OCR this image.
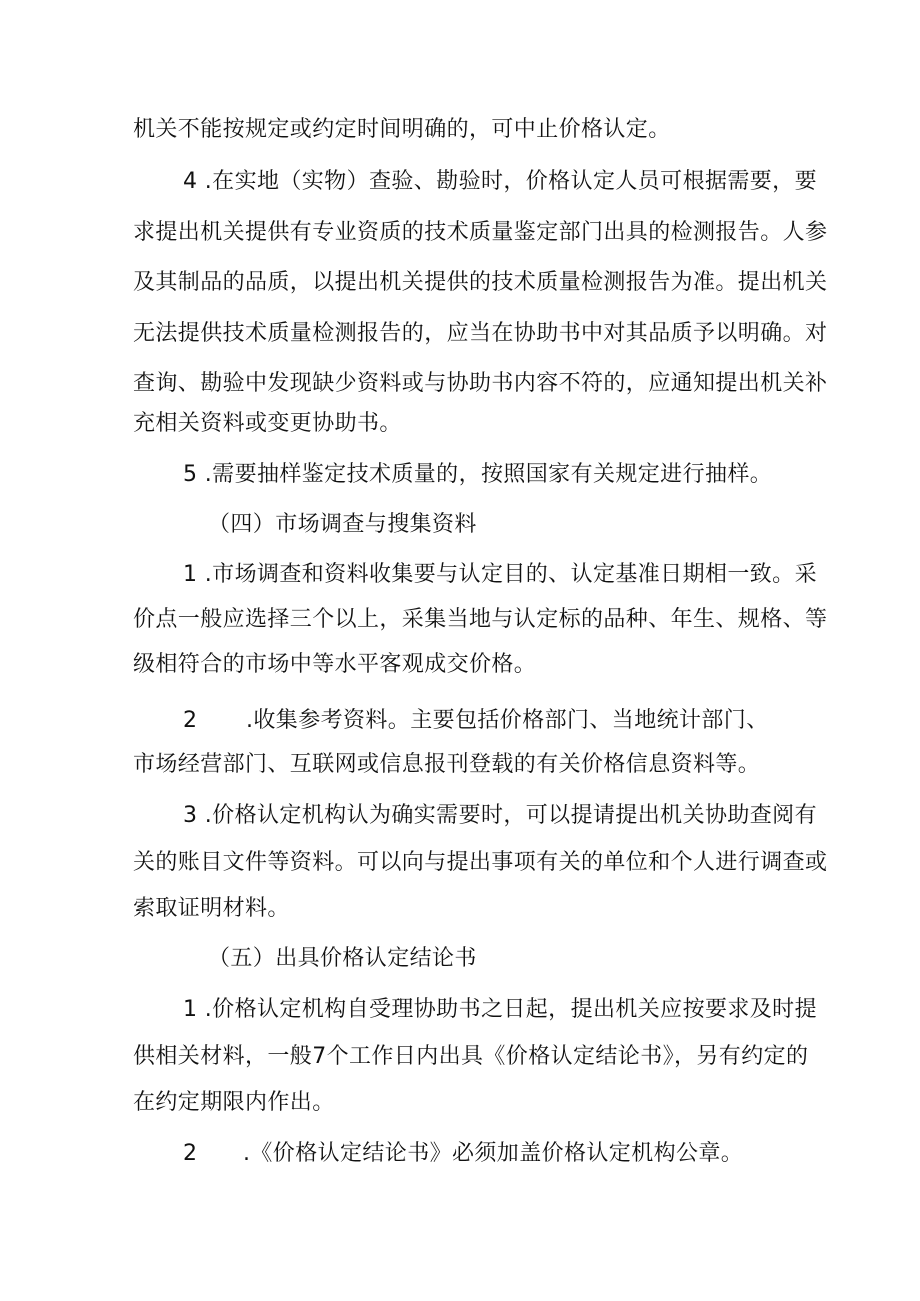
机关不能按规定或约定时间明确的，可中止价格认定。
4 .在实地（实物）查验、勘验时，价格认定人员可根据需要，要
求提出机关提供有专业资质的技术质量鉴定部门出具的检测报告。人参
及其制品的品质，以提出机关提供的技术质量检测报告为准。提出机关
无法提供技术质量检测报告的，应当在协助书中对其品质予以明确。对
查询、勘验中发现缺少资料或与协助书内容不符的，应通知提出机关补
充相关资料或变更协助书。
5 .需要抽样鉴定技术质量的，按照国家有关规定进行抽样。
（四）市场调查与搜集资料
1 .市场调查和资料收集要与认定目的、认定基准日期相一致。采
价点一般应选择三个以上，采集当地与认定标的品种、年生、规格、等
级相符合的市场中等水平客观成交价格。
2 .收集参考资料。主要包括价格部门、当地统计部门、
市场经营部门、互联网或信息报刊登载的有关价格信息资料等。
3 .价格认定机构认为确实需要时，可以提请提出机关协助查阅有
关的账目文件等资料。可以向与提出事项有关的单位和个人进行调查或
索取证明材料。
（五）出具价格认定结论书
1 .价格认定机构自受理协助书之日起，提出机关应按要求及时提
供相关材料，一般7个工作日内出具《价格认定结论书》，另有约定的
在约定期限内作出。
2 .《价格认定结论书》必须加盖价格认定机构公章。
